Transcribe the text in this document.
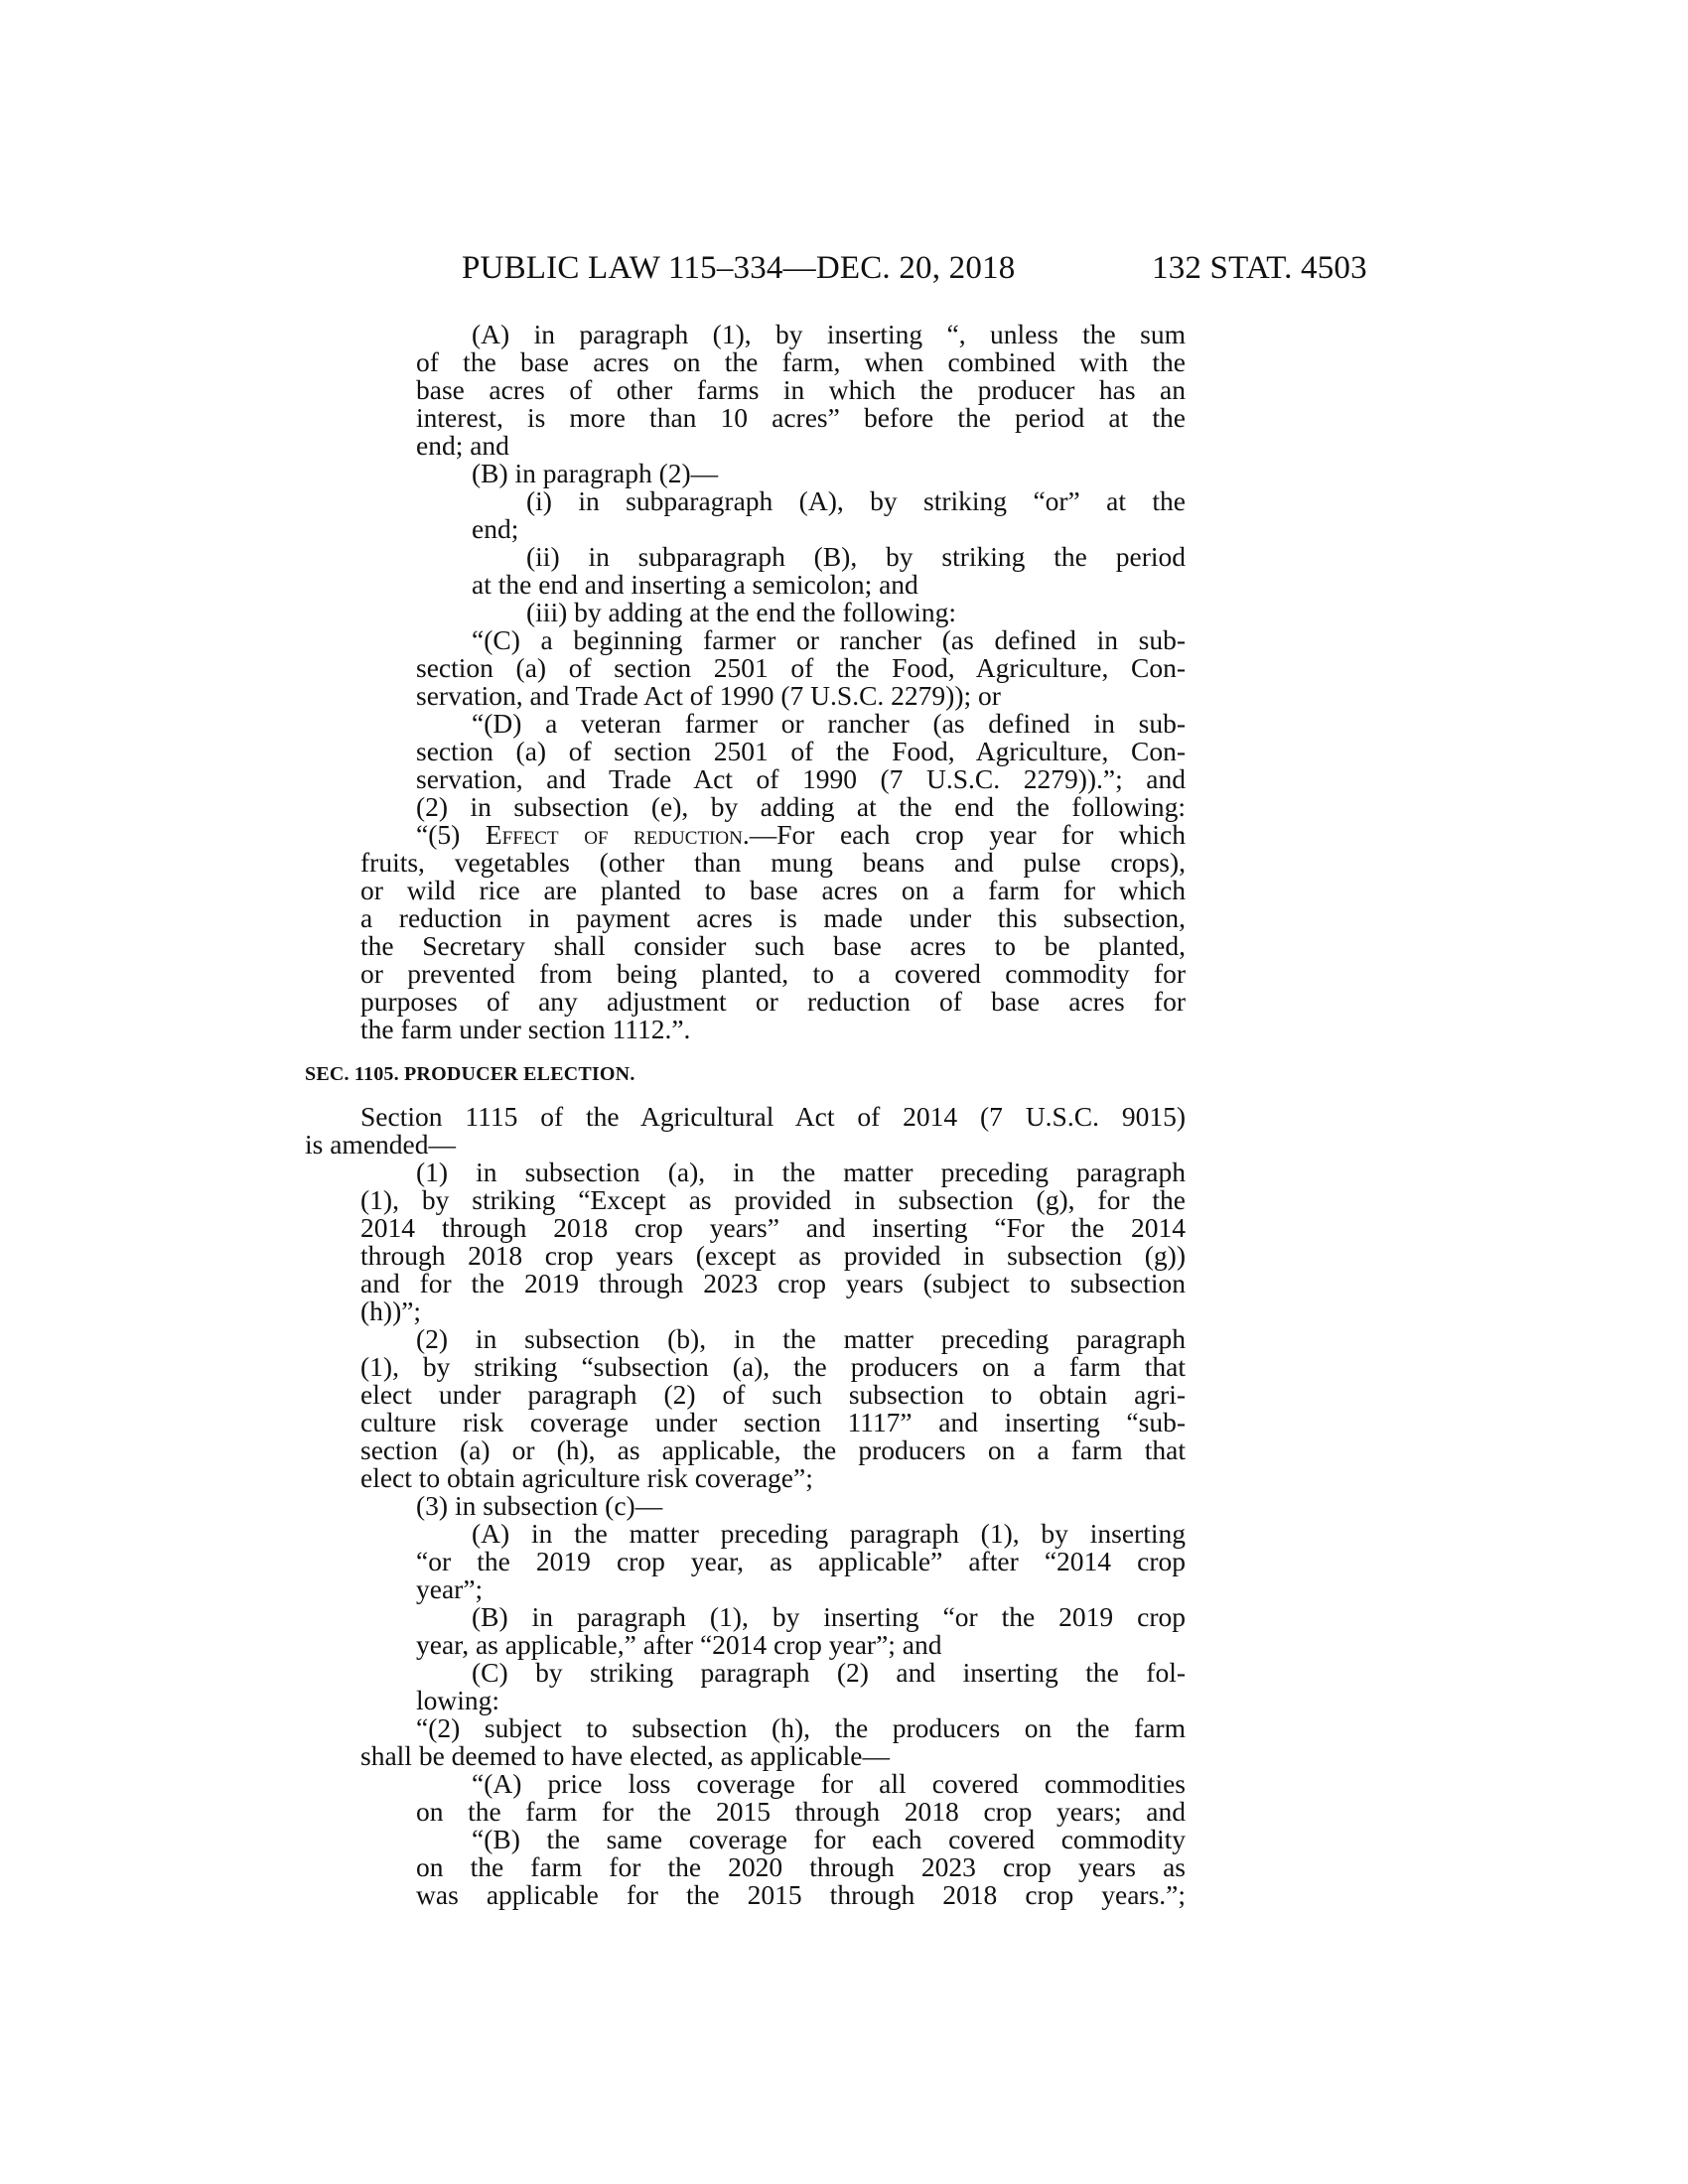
PUBLIC LAW 115–334—DEC. 20, 2018	132 STAT. 4503
(A) in paragraph (1), by inserting “, unless the sum
of the base acres on the farm, when combined with the
base acres of other farms in which the producer has an
interest, is more than 10 acres” before the period at the
end; and
(B) in paragraph (2)—
(i) in subparagraph (A), by striking “or” at the
end;
(ii) in subparagraph (B), by striking the period
at the end and inserting a semicolon; and
(iii) by adding at the end the following:
“(C) a beginning farmer or rancher (as defined in sub-
section (a) of section 2501 of the Food, Agriculture, Con-
servation, and Trade Act of 1990 (7 U.S.C. 2279)); or
“(D) a veteran farmer or rancher (as defined in sub-
section (a) of section 2501 of the Food, Agriculture, Con-
servation, and Trade Act of 1990 (7 U.S.C. 2279)).”; and
(2) in subsection (e), by adding at the end the following:
“(5) Effect of reduction.—For each crop year for which
fruits, vegetables (other than mung beans and pulse crops),
or wild rice are planted to base acres on a farm for which
a reduction in payment acres is made under this subsection,
the Secretary shall consider such base acres to be planted,
or prevented from being planted, to a covered commodity for
purposes of any adjustment or reduction of base acres for
the farm under section 1112.”.
SEC. 1105. PRODUCER ELECTION.
Section 1115 of the Agricultural Act of 2014 (7 U.S.C. 9015)
is amended—
(1) in subsection (a), in the matter preceding paragraph
(1), by striking “Except as provided in subsection (g), for the
2014 through 2018 crop years” and inserting “For the 2014
through 2018 crop years (except as provided in subsection (g))
and for the 2019 through 2023 crop years (subject to subsection
(h))”;
(2) in subsection (b), in the matter preceding paragraph
(1), by striking “subsection (a), the producers on a farm that
elect under paragraph (2) of such subsection to obtain agri-
culture risk coverage under section 1117” and inserting “sub-
section (a) or (h), as applicable, the producers on a farm that
elect to obtain agriculture risk coverage”;
(3) in subsection (c)—
(A) in the matter preceding paragraph (1), by inserting
“or the 2019 crop year, as applicable” after “2014 crop
year”;
(B) in paragraph (1), by inserting “or the 2019 crop
year, as applicable,” after “2014 crop year”; and
(C) by striking paragraph (2) and inserting the fol-
lowing:
“(2) subject to subsection (h), the producers on the farm
shall be deemed to have elected, as applicable—
“(A) price loss coverage for all covered commodities
on the farm for the 2015 through 2018 crop years; and
“(B) the same coverage for each covered commodity
on the farm for the 2020 through 2023 crop years as
was applicable for the 2015 through 2018 crop years.”;
